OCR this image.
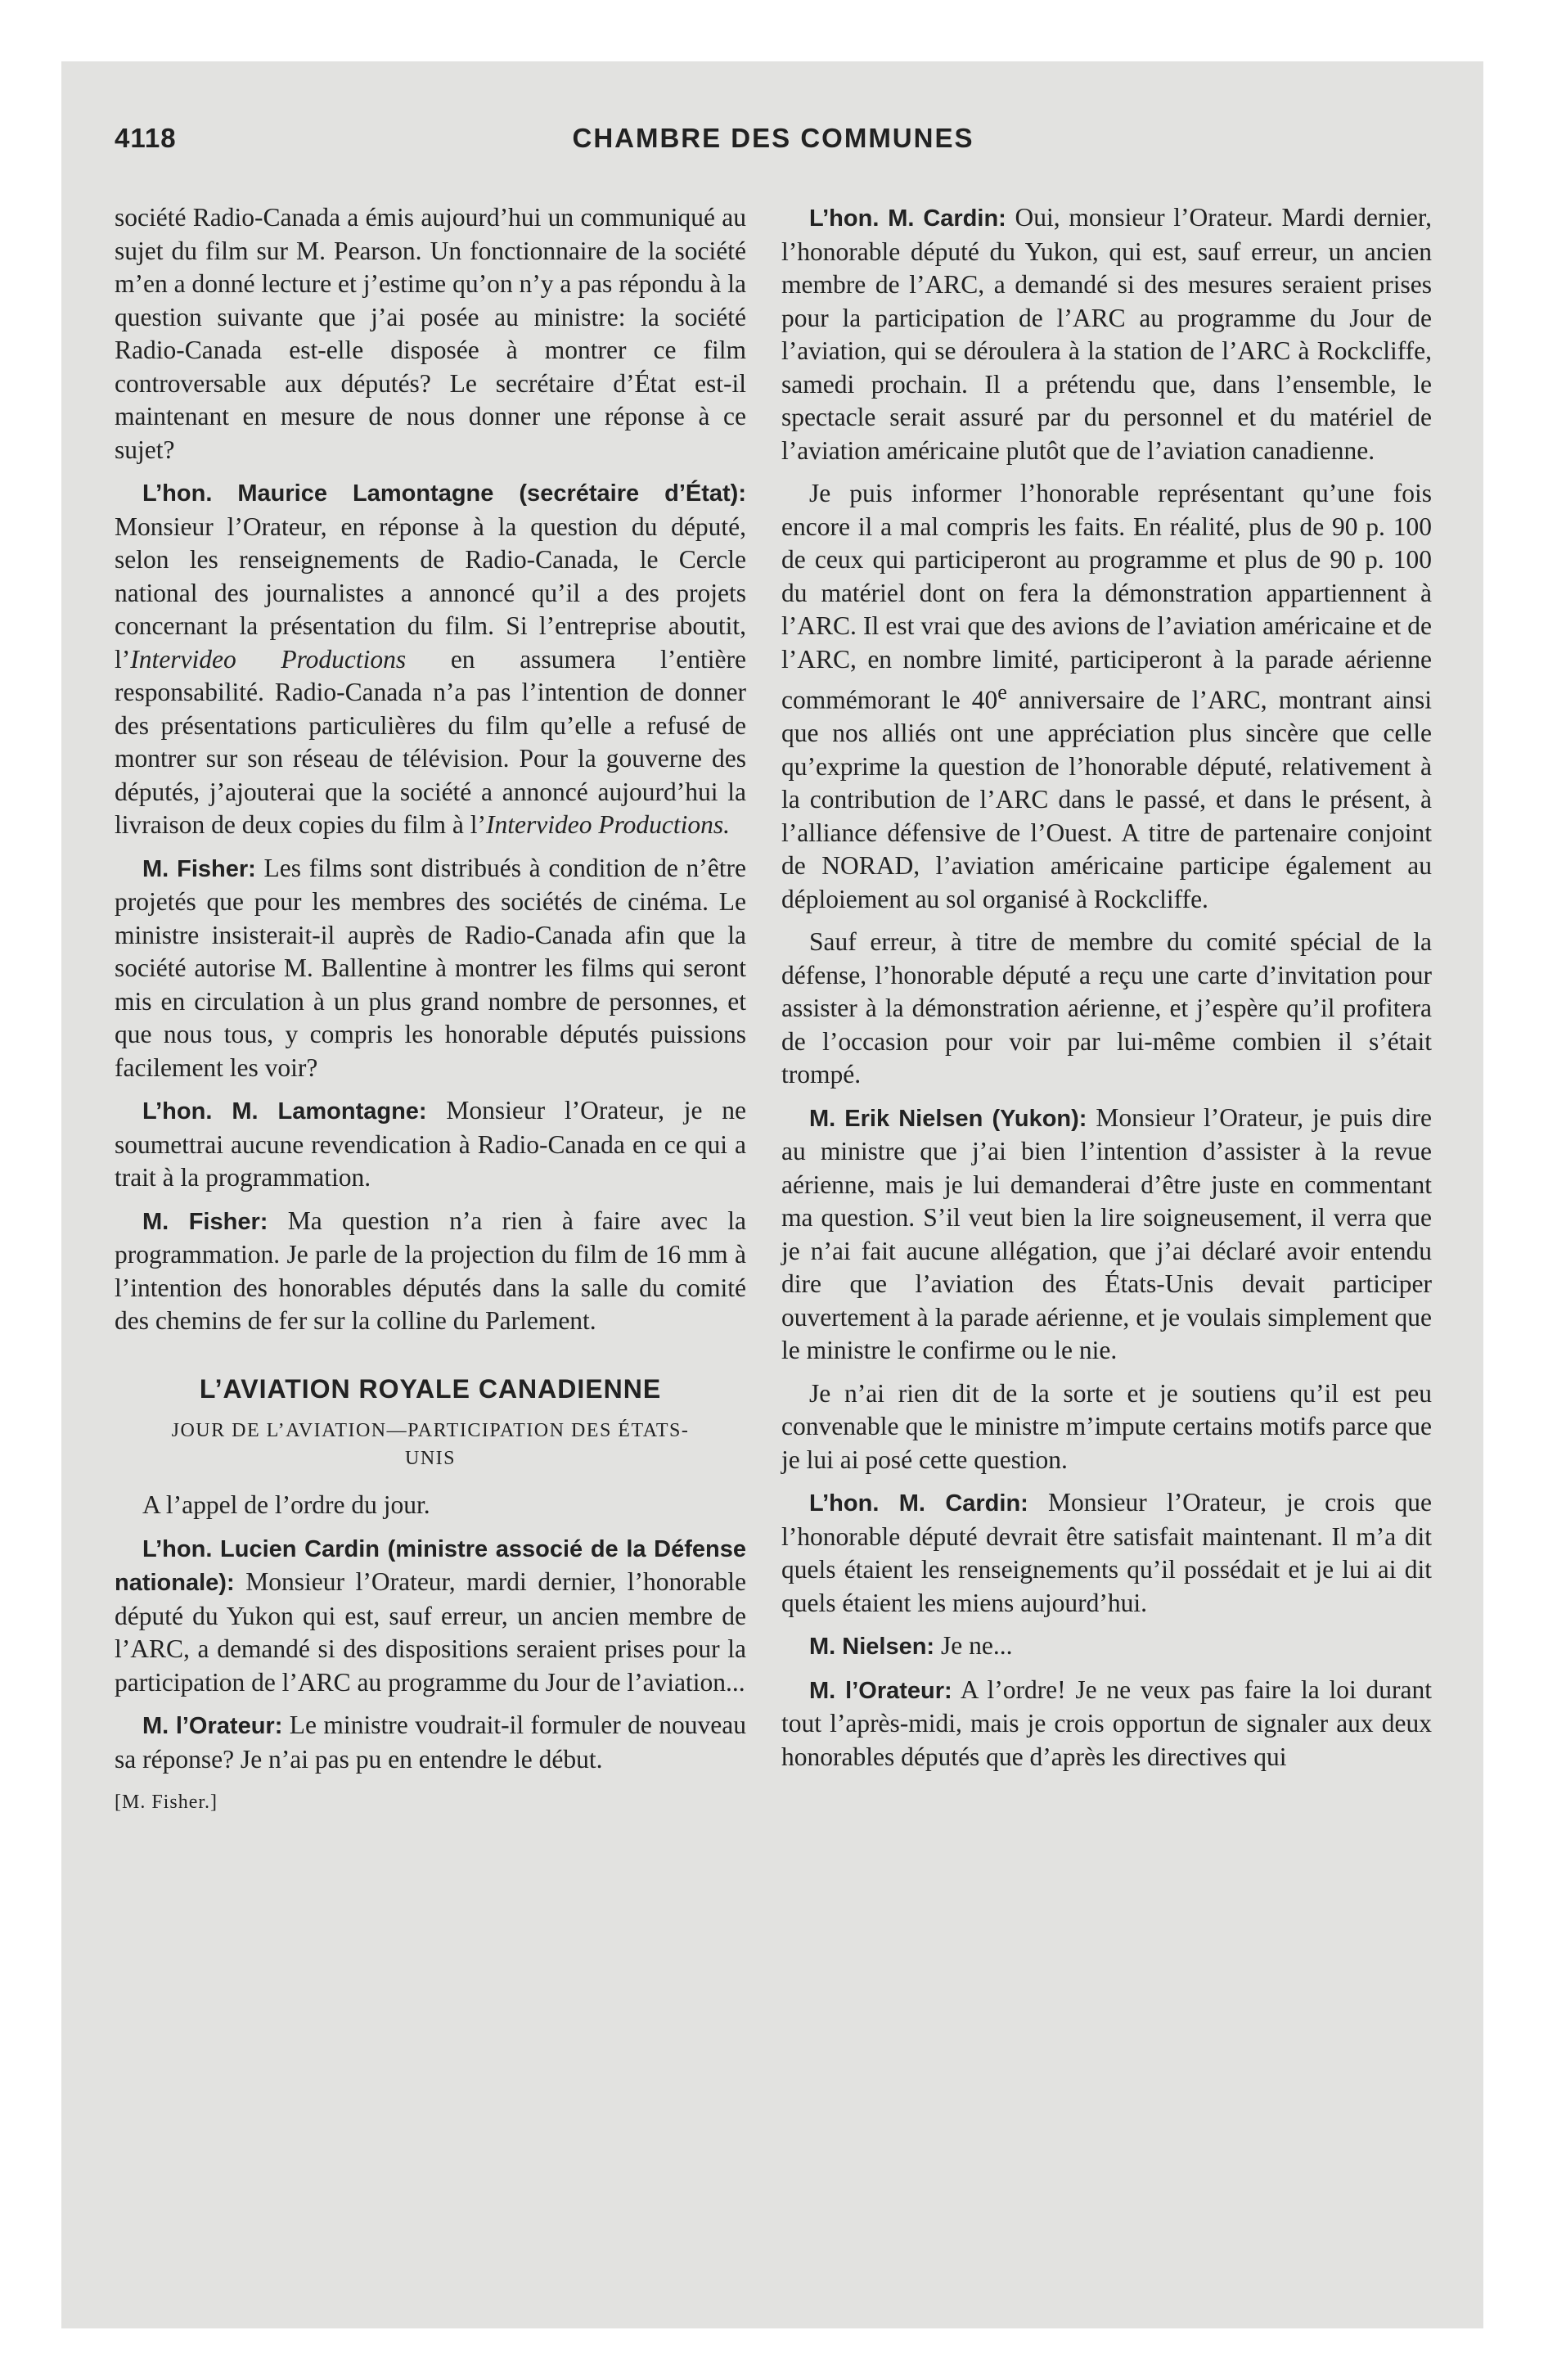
4118	CHAMBRE DES COMMUNES

société Radio-Canada a émis aujourd’hui un communiqué au sujet du film sur M. Pearson. Un fonctionnaire de la société m’en a donné lecture et j’estime qu’on n’y a pas répondu à la question suivante que j’ai posée au ministre: la société Radio-Canada est-elle disposée à montrer ce film controversable aux députés? Le secrétaire d’État est-il maintenant en mesure de nous donner une réponse à ce sujet?

L’hon. Maurice Lamontagne (secrétaire d’État): Monsieur l’Orateur, en réponse à la question du député, selon les renseignements de Radio-Canada, le Cercle national des journalistes a annoncé qu’il a des projets concernant la présentation du film. Si l’entreprise aboutit, l’Intervideo Productions en assumera l’entière responsabilité. Radio-Canada n’a pas l’intention de donner des présentations particulières du film qu’elle a refusé de montrer sur son réseau de télévision. Pour la gouverne des députés, j’ajouterai que la société a annoncé aujourd’hui la livraison de deux copies du film à l’Intervideo Productions.

M. Fisher: Les films sont distribués à condition de n’être projetés que pour les membres des sociétés de cinéma. Le ministre insisterait-il auprès de Radio-Canada afin que la société autorise M. Ballentine à montrer les films qui seront mis en circulation à un plus grand nombre de personnes, et que nous tous, y compris les honorable députés puissions facilement les voir?

L’hon. M. Lamontagne: Monsieur l’Orateur, je ne soumettrai aucune revendication à Radio-Canada en ce qui a trait à la programmation.

M. Fisher: Ma question n’a rien à faire avec la programmation. Je parle de la projection du film de 16 mm à l’intention des honorables députés dans la salle du comité des chemins de fer sur la colline du Parlement.

L’AVIATION ROYALE CANADIENNE
JOUR DE L’AVIATION—PARTICIPATION DES ÉTATS-UNIS

A l’appel de l’ordre du jour.

L’hon. Lucien Cardin (ministre associé de la Défense nationale): Monsieur l’Orateur, mardi dernier, l’honorable député du Yukon qui est, sauf erreur, un ancien membre de l’ARC, a demandé si des dispositions seraient prises pour la participation de l’ARC au programme du Jour de l’aviation...

M. l’Orateur: Le ministre voudrait-il formuler de nouveau sa réponse? Je n’ai pas pu en entendre le début.

[M. Fisher.]

L’hon. M. Cardin: Oui, monsieur l’Orateur. Mardi dernier, l’honorable député du Yukon, qui est, sauf erreur, un ancien membre de l’ARC, a demandé si des mesures seraient prises pour la participation de l’ARC au programme du Jour de l’aviation, qui se déroulera à la station de l’ARC à Rockcliffe, samedi prochain. Il a prétendu que, dans l’ensemble, le spectacle serait assuré par du personnel et du matériel de l’aviation américaine plutôt que de l’aviation canadienne.

Je puis informer l’honorable représentant qu’une fois encore il a mal compris les faits. En réalité, plus de 90 p. 100 de ceux qui participeront au programme et plus de 90 p. 100 du matériel dont on fera la démonstration appartiennent à l’ARC. Il est vrai que des avions de l’aviation américaine et de l’ARC, en nombre limité, participeront à la parade aérienne commémorant le 40e anniversaire de l’ARC, montrant ainsi que nos alliés ont une appréciation plus sincère que celle qu’exprime la question de l’honorable député, relativement à la contribution de l’ARC dans le passé, et dans le présent, à l’alliance défensive de l’Ouest. A titre de partenaire conjoint de NORAD, l’aviation américaine participe également au déploiement au sol organisé à Rockcliffe.

Sauf erreur, à titre de membre du comité spécial de la défense, l’honorable député a reçu une carte d’invitation pour assister à la démonstration aérienne, et j’espère qu’il profitera de l’occasion pour voir par lui-même combien il s’était trompé.

M. Erik Nielsen (Yukon): Monsieur l’Orateur, je puis dire au ministre que j’ai bien l’intention d’assister à la revue aérienne, mais je lui demanderai d’être juste en commentant ma question. S’il veut bien la lire soigneusement, il verra que je n’ai fait aucune allégation, que j’ai déclaré avoir entendu dire que l’aviation des États-Unis devait participer ouvertement à la parade aérienne, et je voulais simplement que le ministre le confirme ou le nie.

Je n’ai rien dit de la sorte et je soutiens qu’il est peu convenable que le ministre m’impute certains motifs parce que je lui ai posé cette question.

L’hon. M. Cardin: Monsieur l’Orateur, je crois que l’honorable député devrait être satisfait maintenant. Il m’a dit quels étaient les renseignements qu’il possédait et je lui ai dit quels étaient les miens aujourd’hui.

M. Nielsen: Je ne...

M. l’Orateur: A l’ordre! Je ne veux pas faire la loi durant tout l’après-midi, mais je crois opportun de signaler aux deux honorables députés que d’après les directives qui
